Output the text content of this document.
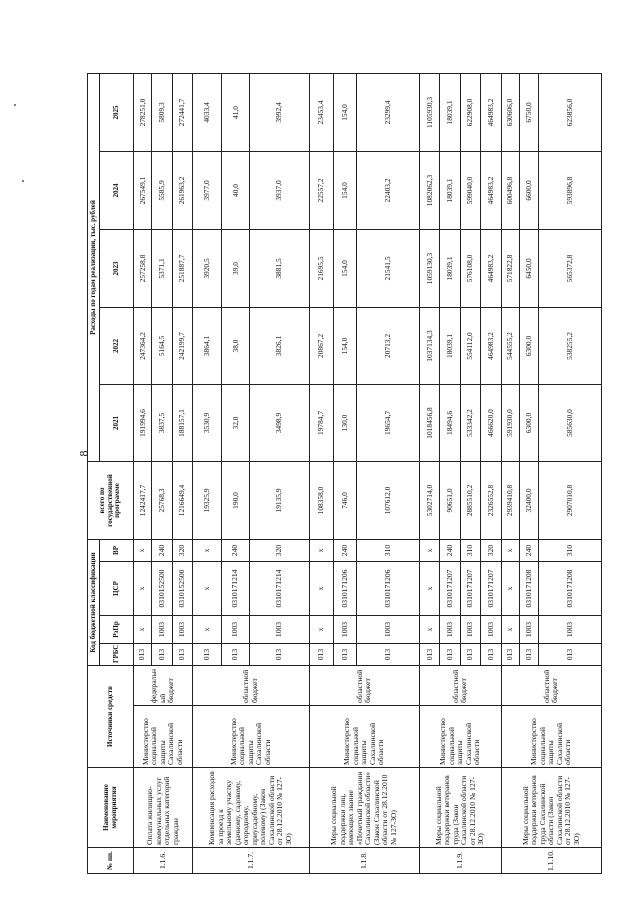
8
№ пп.	Наименование мероприятия	Источники средств		Код бюджетной классификации				всего по государственной программе	Расходы по годам реализации, тыс. рублей				
				ГРБС	РзПр	ЦСР	ВР		2021	2022	2023	2024	2025
1.1.6.	Оплата жилищно-коммунальных услуг отдельных категорий граждан	Министерство социальной защиты Сахалинской области	федеральный бюджет	013	х	х	х	1242417,7	191994,6	247364,2	257258,8	267549,1	278251,0
				013	1003	0310152500	240	25768,3	3837,5	5164,5	5371,1	5585,9	5809,3
				013	1003	0310152500	320	1216649,4	188157,1	242199,7	251887,7	261963,2	272441,7
1.1.7.	Компенсация расходов за проезд к земельному участку (дачному, садовому, огородному, приусадебному, полевому) (Закон Сахалинской области от 28.12.2010 № 127-ЗО)	Министерство социальной защиты Сахалинской области	областной бюджет	013	х	х	х	19325,9	3530,9	3864,1	3920,5	3977,0	4033,4
				013	1003	0310171214	240	190,0	32,0	38,0	39,0	40,0	41,0
				013	1003	0310171214	320	19135,9	3498,9	3826,1	3881,5	3937,0	3992,4
1.1.8.	Меры социальной поддержки лиц, имеющих звание «Почетный гражданин Сахалинской области» (Закон Сахалинской области от 28.12.2010 № 127-ЗО)	Министерство социальной защиты Сахалинской области	областной бюджет	013	х	х	х	108358,0	19784,7	20867,2	21695,5	22557,2	23453,4
				013	1003	0310171206	240	746,0	130,0	154,0	154,0	154,0	154,0
				013	1003	0310171206	310	107612,0	19654,7	20713,2	21541,5	22403,2	23299,4
1.1.9.	Меры социальной поддержки ветеранов труда (Закон Сахалинской области от 28.12.2010 № 127-ЗО)	Министерство социальной защиты Сахалинской области	областной бюджет	013	х	х	х	5302714,0	1018456,8	1037134,3	1059130,3	1082062,3	1105930,3
				013	1003	0310171207	240	90651,0	18494,6	18039,1	18039,1	18039,1	18039,1
				013	1003	0310171207	310	2885510,2	533342,2	554112,0	576108,0	599040,0	622908,0
				013	1003	0310171207	320	2326552,8	466620,0	464983,2	464983,2	464983,2	464983,2
1.1.10.	Меры социальной поддержки ветеранов труда Сахалинской области (Закон Сахалинской области от 28.12.2010 № 127-ЗО)	Министерство социальной защиты Сахалинской области	областной бюджет	013	х	х	х	2939410,8	591930,0	544555,2	571822,8	600496,8	630606,0
				013	1003	0310171208	240	32400,0	6300,0	6300,0	6450,0	6600,0	6750,0
				013	1003	0310171208	310	2907010,8	585630,0	538255,2	565372,8	593896,8	623856,0
